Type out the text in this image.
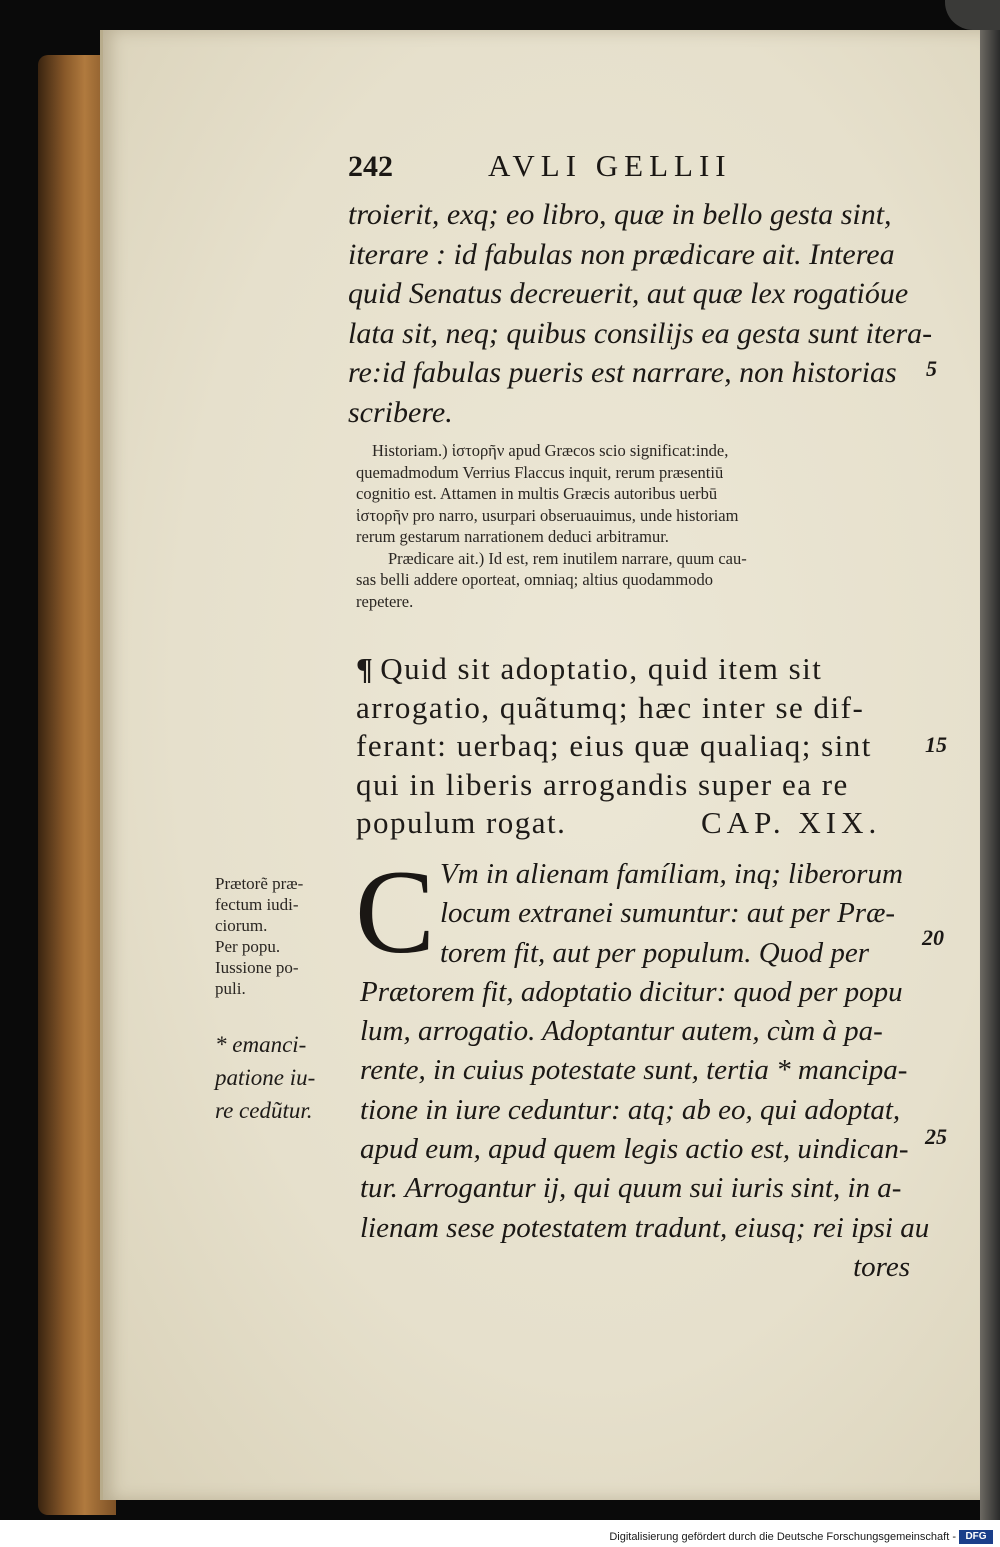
242	AVLI GELLII
troierit, exq; eo libro, quæ in bello gesta sint,
iterare : id fabulas non prædicare ait. Interea
quid Senatus decreuerit, aut quæ lex rogatióue
lata sit, neq; quibus consilijs ea gesta sunt itera-
re:id fabulas pueris est narrare, non historias
scribere.
5
Historiam.) ἱστορῆν apud Græcos scio significat:inde,
quemadmodum Verrius Flaccus inquit, rerum præsentiū
cognitio est. Attamen in multis Græcis autoribus uerbū
ἱστορῆν pro narro, usurpari obseruauimus, unde historiam
rerum gestarum narrationem deduci arbitramur.
Prædicare ait.) Id est, rem inutilem narrare, quum cau-
sas belli addere oporteat, omniaq; altius quodammodo
repetere.
¶ Quid sit adoptatio, quid item sit
arrogatio, quãtumq; hæc inter se dif-
ferant: uerbaq; eius quæ qualiaq; sint
qui in liberis arrogandis super ea re
populum rogat.	CAP. XIX.
15
Prætorẽ præ-
fectum iudi-
ciorum.
Per popu.
Iussione po-
puli.
* emanci-
patione iu-
re cedũtur.
C Vm in alienam famíliam, inq; liberorum
locum extranei sumuntur: aut per Præ-
torem fit, aut per populum. Quod per
Prætorem fit, adoptatio dicitur: quod per popu
lum, arrogatio. Adoptantur autem, cùm à pa-
rente, in cuius potestate sunt, tertia * mancipa-
tione in iure ceduntur: atq; ab eo, qui adoptat,
apud eum, apud quem legis actio est, uindican-
tur. Arrogantur ij, qui quum sui iuris sint, in a-
lienam sese potestatem tradunt, eiusq; rei ipsi au
tores
20
25
Digitalisierung gefördert durch die Deutsche Forschungsgemeinschaft - DFG
